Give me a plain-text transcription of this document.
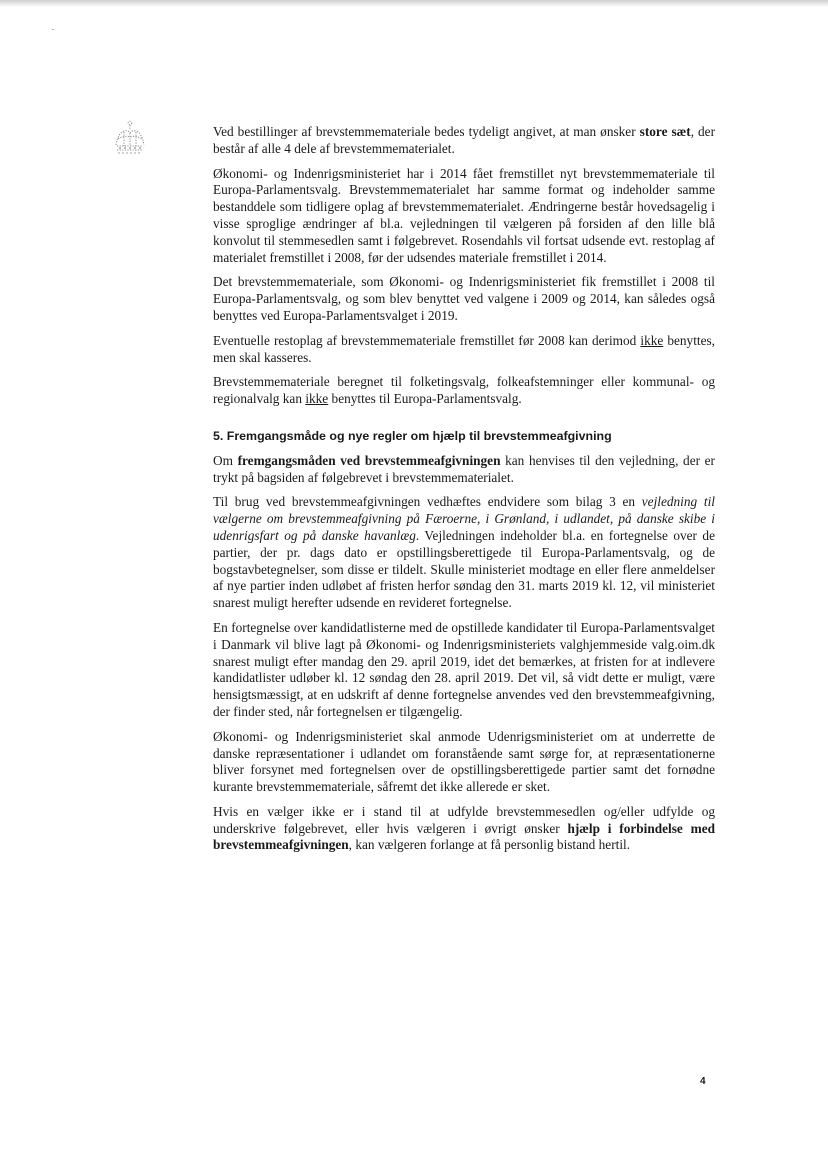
Ved bestillinger af brevstemmemateriale bedes tydeligt angivet, at man ønsker store sæt, der består af alle 4 dele af brevstemmematerialet.

Økonomi- og Indenrigsministeriet har i 2014 fået fremstillet nyt brevstemmemateriale til Europa-Parlamentsvalg. Brevstemmematerialet har samme format og indeholder samme bestanddele som tidligere oplag af brevstemmematerialet. Ændringerne består hovedsagelig i visse sproglige ændringer af bl.a. vejledningen til vælgeren på forsiden af den lille blå konvolut til stemmesedlen samt i følgebrevet. Rosendahls vil fortsat udsende evt. restoplag af materialet fremstillet i 2008, før der udsendes materiale fremstillet i 2014.

Det brevstemmemateriale, som Økonomi- og Indenrigsministeriet fik fremstillet i 2008 til Europa-Parlamentsvalg, og som blev benyttet ved valgene i 2009 og 2014, kan således også benyttes ved Europa-Parlamentsvalget i 2019.

Eventuelle restoplag af brevstemmemateriale fremstillet før 2008 kan derimod ikke benyttes, men skal kasseres.

Brevstemmemateriale beregnet til folketingsvalg, folkeafstemninger eller kommunal- og regionalvalg kan ikke benyttes til Europa-Parlamentsvalg.

5. Fremgangsmåde og nye regler om hjælp til brevstemmeafgivning

Om fremgangsmåden ved brevstemmeafgivningen kan henvises til den vejledning, der er trykt på bagsiden af følgebrevet i brevstemmematerialet.

Til brug ved brevstemmeafgivningen vedhæftes endvidere som bilag 3 en vejledning til vælgerne om brevstemmeafgivning på Færoerne, i Grønland, i udlandet, på danske skibe i udenrigsfart og på danske havanlæg. Vejledningen indeholder bl.a. en fortegnelse over de partier, der pr. dags dato er opstillingsberettigede til Europa-Parlamentsvalg, og de bogstavbetegnelser, som disse er tildelt. Skulle ministeriet modtage en eller flere anmeldelser af nye partier inden udløbet af fristen herfor søndag den 31. marts 2019 kl. 12, vil ministeriet snarest muligt herefter udsende en revideret fortegnelse.

En fortegnelse over kandidatlisterne med de opstillede kandidater til Europa-Parlamentsvalget i Danmark vil blive lagt på Økonomi- og Indenrigsministeriets valghjemmeside valg.oim.dk snarest muligt efter mandag den 29. april 2019, idet det bemærkes, at fristen for at indlevere kandidatlister udløber kl. 12 søndag den 28. april 2019. Det vil, så vidt dette er muligt, være hensigtsmæssigt, at en udskrift af denne fortegnelse anvendes ved den brevstemmeafgivning, der finder sted, når fortegnelsen er tilgængelig.

Økonomi- og Indenrigsministeriet skal anmode Udenrigsministeriet om at underrette de danske repræsentationer i udlandet om foranstående samt sørge for, at repræsentationerne bliver forsynet med fortegnelsen over de opstillingsberettigede partier samt det fornødne kurante brevstemmemateriale, såfremt det ikke allerede er sket.

Hvis en vælger ikke er i stand til at udfylde brevstemmesedlen og/eller udfylde og underskrive følgebrevet, eller hvis vælgeren i øvrigt ønsker hjælp i forbindelse med brevstemmeafgivningen, kan vælgeren forlange at få personlig bistand hertil.

4
